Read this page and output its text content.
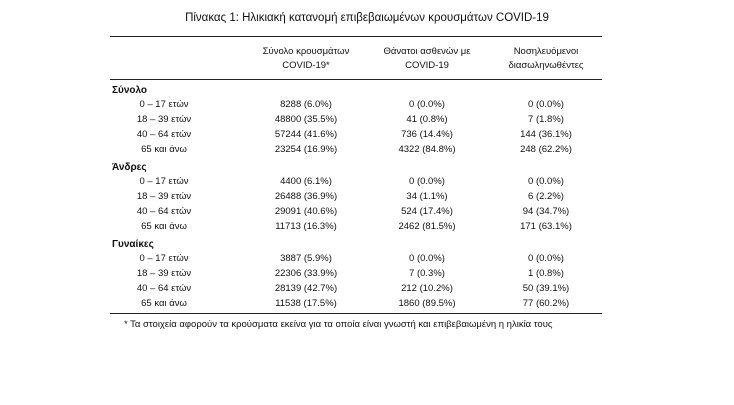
Πίνακας 1: Ηλικιακή κατανομή επιβεβαιωμένων κρουσμάτων COVID-19
Σύνολο κρουσμάτων
COVID-19*
Θάνατοι ασθενών με
COVID-19
Νοσηλευόμενοι
διασωληνωθέντες
Σύνολο
0 – 17 ετών	8288 (6.0%)	0 (0.0%)	0 (0.0%)
18 – 39 ετών	48800 (35.5%)	41 (0.8%)	7 (1.8%)
40 – 64 ετών	57244 (41.6%)	736 (14.4%)	144 (36.1%)
65 και άνω	23254 (16.9%)	4322 (84.8%)	248 (62.2%)
Άνδρες
0 – 17 ετών	4400 (6.1%)	0 (0.0%)	0 (0.0%)
18 – 39 ετών	26488 (36.9%)	34 (1.1%)	6 (2.2%)
40 – 64 ετών	29091 (40.6%)	524 (17.4%)	94 (34.7%)
65 και άνω	11713 (16.3%)	2462 (81.5%)	171 (63.1%)
Γυναίκες
0 – 17 ετών	3887 (5.9%)	0 (0.0%)	0 (0.0%)
18 – 39 ετών	22306 (33.9%)	7 (0.3%)	1 (0.8%)
40 – 64 ετών	28139 (42.7%)	212 (10.2%)	50 (39.1%)
65 και άνω	11538 (17.5%)	1860 (89.5%)	77 (60.2%)
* Τα στοιχεία αφορούν τα κρούσματα εκείνα για τα οποία είναι γνωστή και επιβεβαιωμένη η ηλικία τους
